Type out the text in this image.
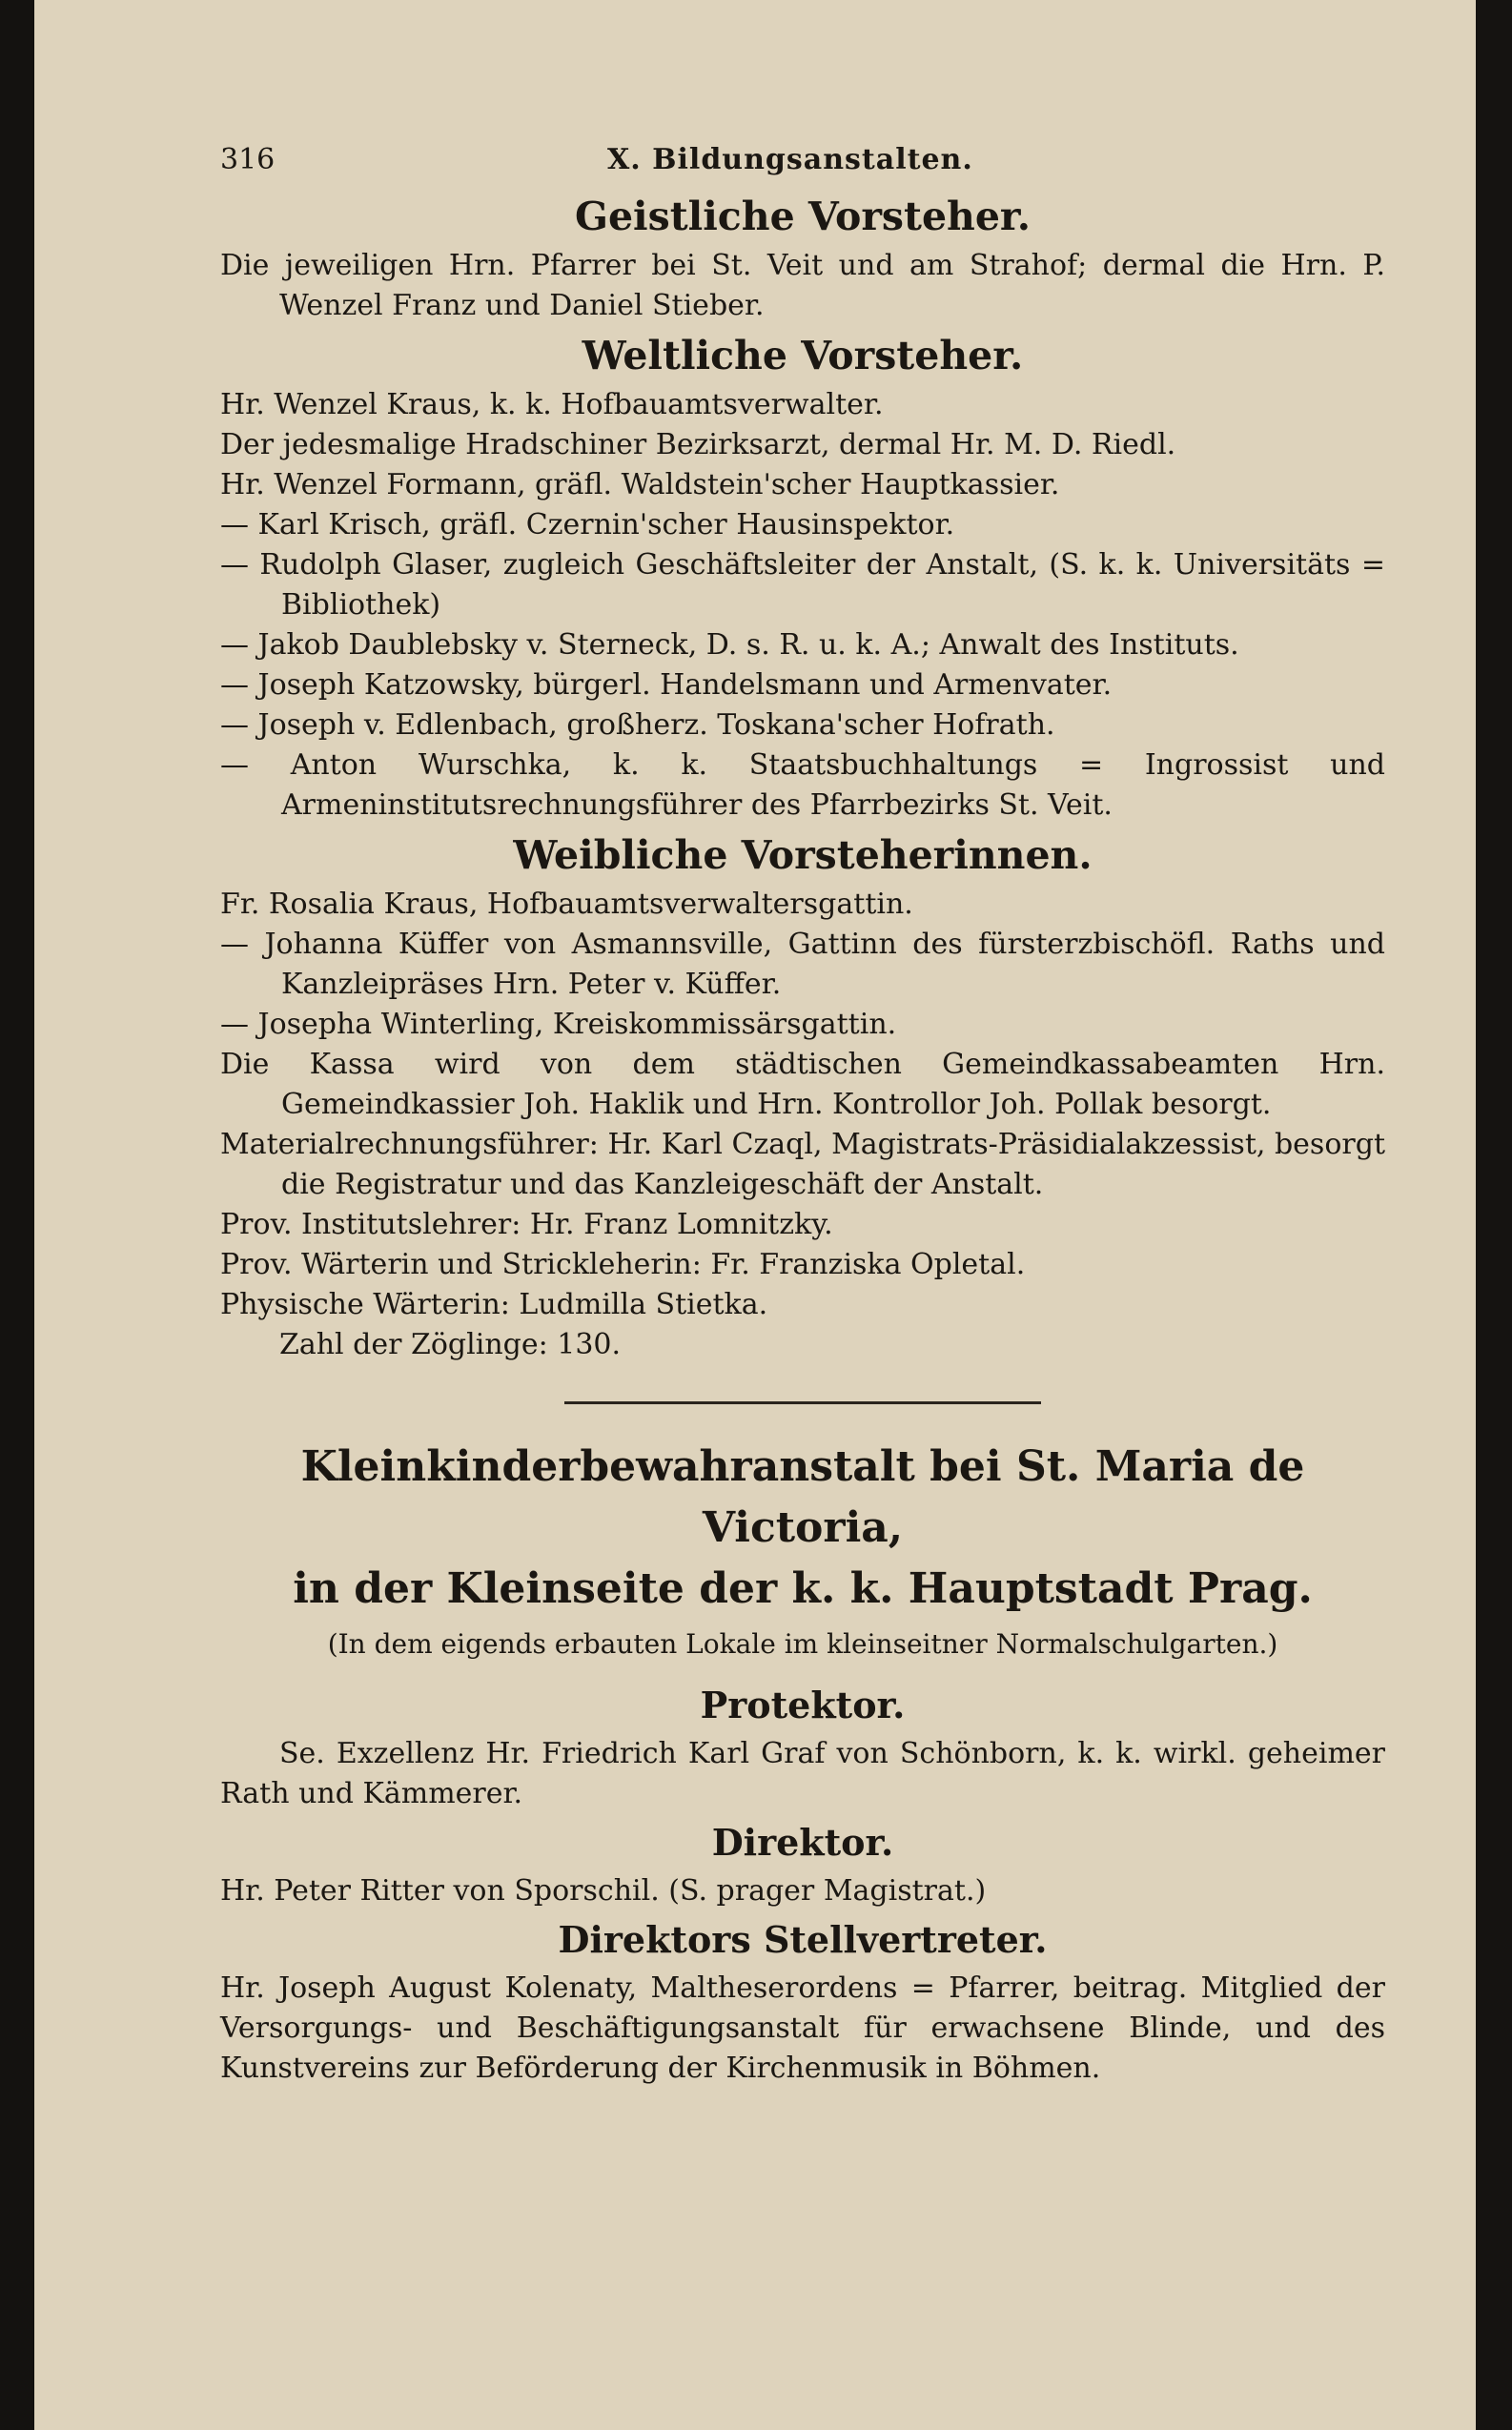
316	X. Bildungsanstalten.
Geistliche Vorsteher.

Die jeweiligen Hrn. Pfarrer bei St. Veit und am Strahof; dermal die Hrn. P. Wenzel Franz und Daniel Stieber.

Weltliche Vorsteher.

Hr. Wenzel Kraus, k. k. Hofbauamtsverwalter.

Der jedesmalige Hradschiner Bezirksarzt, dermal Hr. M. D. Riedl.

Hr. Wenzel Formann, gräfl. Waldstein'scher Hauptkassier.

— Karl Krisch, gräfl. Czernin'scher Hausinspektor.

— Rudolph Glaser, zugleich Geschäftsleiter der Anstalt, (S. k. k. Universitäts = Bibliothek)

— Jakob Daublebsky v. Sterneck, D. s. R. u. k. A.; Anwalt des Instituts.

— Joseph Katzowsky, bürgerl. Handelsmann und Armenvater.

— Joseph v. Edlenbach, großherz. Toskana'scher Hofrath.

— Anton Wurschka, k. k. Staatsbuchhaltungs = Ingrossist und Armeninstitutsrechnungsführer des Pfarrbezirks St. Veit.

Weibliche Vorsteherinnen.

Fr. Rosalia Kraus, Hofbauamtsverwaltersgattin.

— Johanna Küffer von Asmannsville, Gattinn des fürsterzbischöfl. Raths und Kanzleipräses Hrn. Peter v. Küffer.

— Josepha Winterling, Kreiskommissärsgattin.

Die Kassa wird von dem städtischen Gemeindkassabeamten Hrn. Gemeindkassier Joh. Haklik und Hrn. Kontrollor Joh. Pollak besorgt.

Materialrechnungsführer: Hr. Karl Czaql, Magistrats-Präsidialakzessist, besorgt die Registratur und das Kanzleigeschäft der Anstalt.

Prov. Institutslehrer: Hr. Franz Lomnitzky.

Prov. Wärterin und Strickleherin: Fr. Franziska Opletal.

Physische Wärterin: Ludmilla Stietka.

Zahl der Zöglinge: 130.

Kleinkinderbewahranstalt bei St. Maria de Victoria,
in der Kleinseite der k. k. Hauptstadt Prag.
(In dem eigends erbauten Lokale im kleinseitner Normalschulgarten.)
Protektor.

Se. Exzellenz Hr. Friedrich Karl Graf von Schönborn, k. k. wirkl. geheimer Rath und Kämmerer.

Direktor.

Hr. Peter Ritter von Sporschil. (S. prager Magistrat.)

Direktors Stellvertreter.

Hr. Joseph August Kolenaty, Maltheserordens = Pfarrer, beitrag. Mitglied der Versorgungs- und Beschäftigungsanstalt für erwachsene Blinde, und des Kunstvereins zur Beförderung der Kirchenmusik in Böhmen.
